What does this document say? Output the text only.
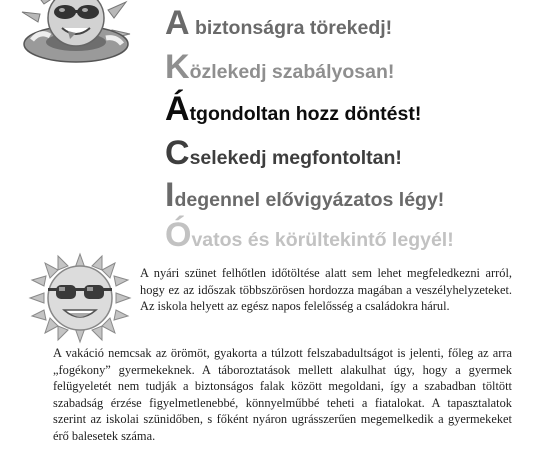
A biztonságra törekedj!
Közlekedj szabályosan!
Átgondoltan hozz döntést!
Cselekedj megfontoltan!
Idegennel elővigyázatos légy!
Óvatos és körültekintő legyél!

A nyári szünet felhőtlen időtöltése alatt sem lehet megfeledkezni arról, hogy ez az időszak többszörösen hordozza magában a veszélyhelyzeteket. Az iskola helyett az egész napos felelősség a családokra hárul.

A vakáció nemcsak az örömöt, gyakorta a túlzott felszabadultságot is jelenti, főleg az arra „fogékony” gyermekeknek. A táboroztatások mellett alakulhat úgy, hogy a gyermek felügyeletét nem tudják a biztonságos falak között megoldani, így a szabadban töltött szabadság érzése figyelmetlenebbé, könnyelműbbé teheti a fiatalokat. A tapasztalatok szerint az iskolai szünidőben, s főként nyáron ugrásszerűen megemelkedik a gyermekeket érő balesetek száma.
